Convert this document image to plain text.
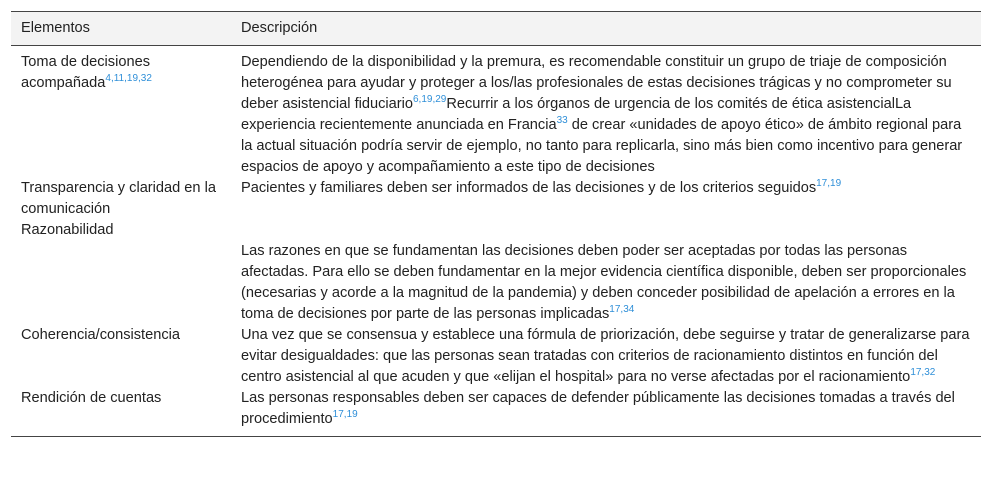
Elementos	Descripción
Toma de decisiones acompañada$^{4,11,19,32}$	Dependiendo de la disponibilidad y la premura, es recomendable constituir un grupo de triaje de composición heterogénea para ayudar y proteger a los/las profesionales de estas decisiones trágicas y no comprometer su deber asistencial fiduciario$^{6,19,29}$Recurrir a los órganos de urgencia de los comités de ética asistencialLa experiencia recientemente anunciada en Francia$^{33}$ de crear «unidades de apoyo ético» de ámbito regional para la actual situación podría servir de ejemplo, no tanto para replicarla, sino más bien como incentivo para generar espacios de apoyo y acompañamiento a este tipo de decisiones
Transparencia y claridad en la comunicación	Pacientes y familiares deben ser informados de las decisiones y de los criterios seguidos$^{17,19}$
Razonabilidad	Las razones en que se fundamentan las decisiones deben poder ser aceptadas por todas las personas afectadas. Para ello se deben fundamentar en la mejor evidencia científica disponible, deben ser proporcionales (necesarias y acorde a la magnitud de la pandemia) y deben conceder posibilidad de apelación a errores en la toma de decisiones por parte de las personas implicadas$^{17,34}$
Coherencia/consistencia	Una vez que se consensua y establece una fórmula de priorización, debe seguirse y tratar de generalizarse para evitar desigualdades: que las personas sean tratadas con criterios de racionamiento distintos en función del centro asistencial al que acuden y que «elijan el hospital» para no verse afectadas por el racionamiento$^{17,32}$
Rendición de cuentas	Las personas responsables deben ser capaces de defender públicamente las decisiones tomadas a través del procedimiento$^{17,19}$
